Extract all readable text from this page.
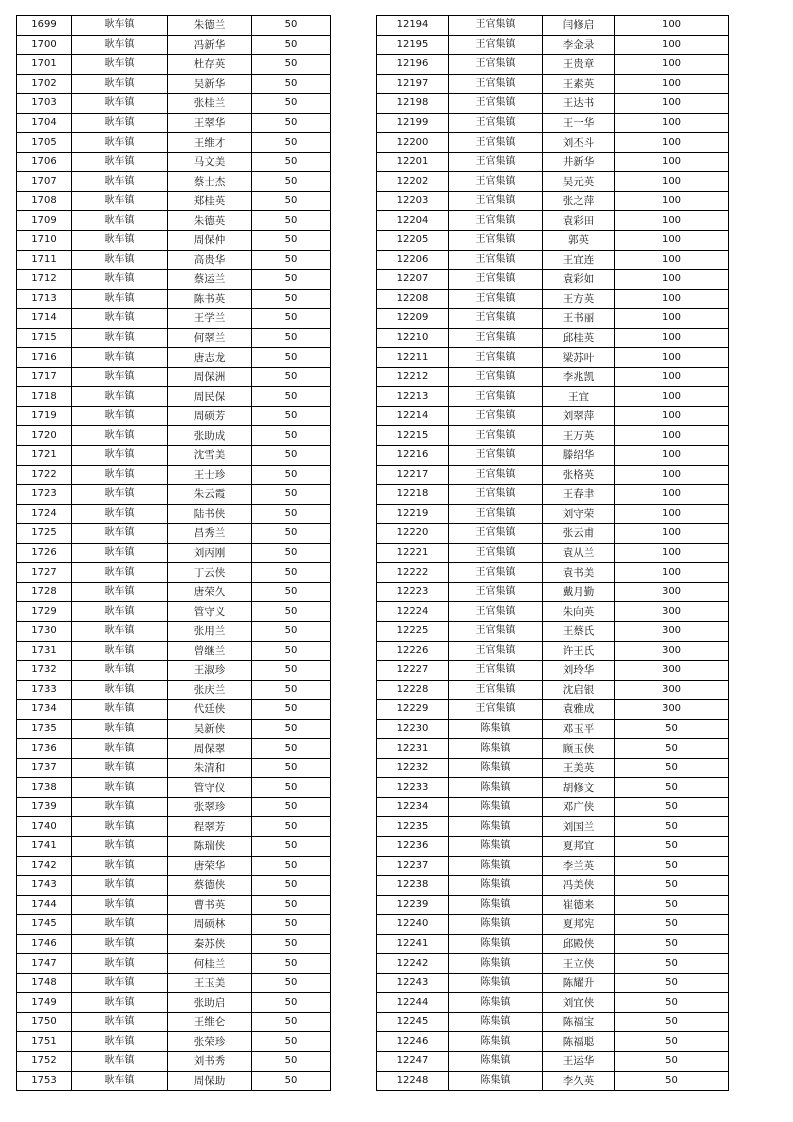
1699	耿车镇	朱德兰	50
1700	耿车镇	冯新华	50
1701	耿车镇	杜存英	50
1702	耿车镇	吴新华	50
1703	耿车镇	张桂兰	50
1704	耿车镇	王翠华	50
1705	耿车镇	王维才	50
1706	耿车镇	马文美	50
1707	耿车镇	蔡士杰	50
1708	耿车镇	郑桂英	50
1709	耿车镇	朱德英	50
1710	耿车镇	周保仲	50
1711	耿车镇	高贵华	50
1712	耿车镇	蔡运兰	50
1713	耿车镇	陈书英	50
1714	耿车镇	王学兰	50
1715	耿车镇	何翠兰	50
1716	耿车镇	唐志龙	50
1717	耿车镇	周保洲	50
1718	耿车镇	周民保	50
1719	耿车镇	周硕芳	50
1720	耿车镇	张助成	50
1721	耿车镇	沈雪美	50
1722	耿车镇	王士珍	50
1723	耿车镇	朱云霞	50
1724	耿车镇	陆书侠	50
1725	耿车镇	昌秀兰	50
1726	耿车镇	刘丙刚	50
1727	耿车镇	丁云侠	50
1728	耿车镇	唐荣久	50
1729	耿车镇	管守义	50
1730	耿车镇	张用兰	50
1731	耿车镇	曾继兰	50
1732	耿车镇	王淑珍	50
1733	耿车镇	张庆兰	50
1734	耿车镇	代廷侠	50
1735	耿车镇	吴新侠	50
1736	耿车镇	周保翠	50
1737	耿车镇	朱清和	50
1738	耿车镇	管守仪	50
1739	耿车镇	张翠珍	50
1740	耿车镇	程翠芳	50
1741	耿车镇	陈瑞侠	50
1742	耿车镇	唐荣华	50
1743	耿车镇	蔡德侠	50
1744	耿车镇	曹书英	50
1745	耿车镇	周硕林	50
1746	耿车镇	秦苏侠	50
1747	耿车镇	何桂兰	50
1748	耿车镇	王玉美	50
1749	耿车镇	张助启	50
1750	耿车镇	王维仑	50
1751	耿车镇	张荣珍	50
1752	耿车镇	刘书秀	50
1753	耿车镇	周保助	50
12194	王官集镇	闫修启	100
12195	王官集镇	李金录	100
12196	王官集镇	王贵章	100
12197	王官集镇	王素英	100
12198	王官集镇	王达书	100
12199	王官集镇	王一华	100
12200	王官集镇	刘丕斗	100
12201	王官集镇	井新华	100
12202	王官集镇	吴元英	100
12203	王官集镇	张之萍	100
12204	王官集镇	袁彩田	100
12205	王官集镇	郭英	100
12206	王官集镇	王宜连	100
12207	王官集镇	袁彩如	100
12208	王官集镇	王方英	100
12209	王官集镇	王书丽	100
12210	王官集镇	邱桂英	100
12211	王官集镇	梁苏叶	100
12212	王官集镇	李兆凯	100
12213	王官集镇	王宜	100
12214	王官集镇	刘翠萍	100
12215	王官集镇	王万英	100
12216	王官集镇	滕绍华	100
12217	王官集镇	张格英	100
12218	王官集镇	王春聿	100
12219	王官集镇	刘守荣	100
12220	王官集镇	张云甫	100
12221	王官集镇	袁从兰	100
12222	王官集镇	袁书美	100
12223	王官集镇	戴月勤	300
12224	王官集镇	朱向英	300
12225	王官集镇	王蔡氏	300
12226	王官集镇	许王氏	300
12227	王官集镇	刘玲华	300
12228	王官集镇	沈启银	300
12229	王官集镇	袁雅成	300
12230	陈集镇	邓玉平	50
12231	陈集镇	顾玉侠	50
12232	陈集镇	王美英	50
12233	陈集镇	胡修文	50
12234	陈集镇	邓广侠	50
12235	陈集镇	刘国兰	50
12236	陈集镇	夏邦宜	50
12237	陈集镇	李兰英	50
12238	陈集镇	冯美侠	50
12239	陈集镇	崔德来	50
12240	陈集镇	夏邦宪	50
12241	陈集镇	邱殿侠	50
12242	陈集镇	王立侠	50
12243	陈集镇	陈耀升	50
12244	陈集镇	刘宜侠	50
12245	陈集镇	陈福宝	50
12246	陈集镇	陈福聪	50
12247	陈集镇	王运华	50
12248	陈集镇	李久英	50
